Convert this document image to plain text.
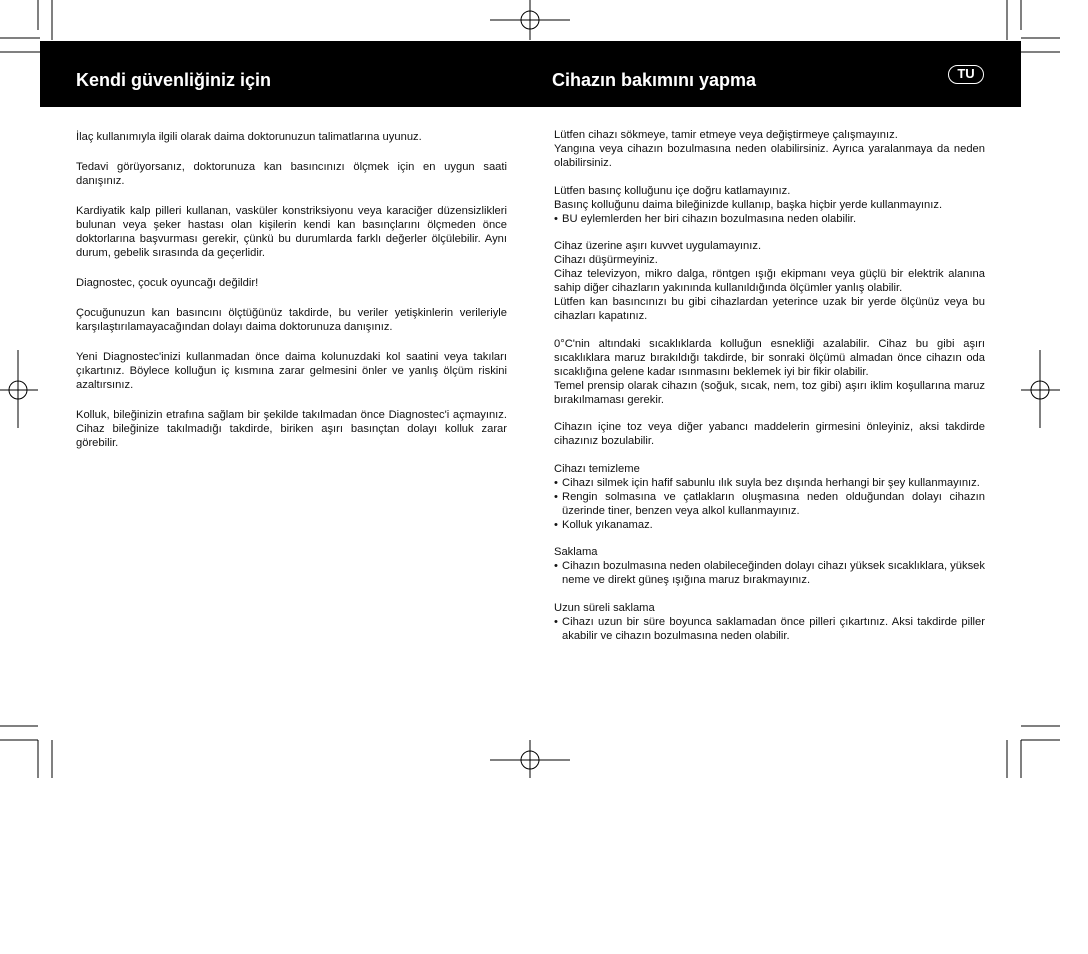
Kendi güvenliğiniz için	Cihazın bakımını yapma	TU

İlaç kullanımıyla ilgili olarak daima doktorunuzun talimatlarına uyunuz.

Tedavi görüyorsanız, doktorunuza kan basıncınızı ölçmek için en uygun saati danışınız.

Kardiyatik kalp pilleri kullanan, vasküler konstriksiyonu veya karaciğer düzensizlikleri bulunan veya şeker hastası olan kişilerin kendi kan basınçlarını ölçmeden önce doktorlarına başvurması gerekir, çünkü bu durumlarda farklı değerler ölçülebilir. Aynı durum, gebelik sırasında da geçerlidir.

Diagnostec, çocuk oyuncağı değildir!

Çocuğunuzun kan basıncını ölçtüğünüz takdirde, bu veriler yetişkinlerin verileriyle karşılaştırılamayacağından dolayı daima doktorunuza danışınız.

Yeni Diagnostec'inizi kullanmadan önce daima kolunuzdaki kol saatini veya takıları çıkartınız. Böylece kolluğun iç kısmına zarar gelmesini önler ve yanlış ölçüm riskini azaltırsınız.

Kolluk, bileğinizin etrafına sağlam bir şekilde takılmadan önce Diagnostec'i açmayınız. Cihaz bileğinize takılmadığı takdirde, biriken aşırı basınçtan dolayı kolluk zarar görebilir.

Lütfen cihazı sökmeye, tamir etmeye veya değiştirmeye çalışmayınız.
Yangına veya cihazın bozulmasına neden olabilirsiniz. Ayrıca yaralanmaya da neden olabilirsiniz.
Lütfen basınç kolluğunu içe doğru katlamayınız.
Basınç kolluğunu daima bileğinizde kullanıp, başka hiçbir yerde kullanmayınız.
• BU eylemlerden her biri cihazın bozulmasına neden olabilir.
Cihaz üzerine aşırı kuvvet uygulamayınız.
Cihazı düşürmeyiniz.
Cihaz televizyon, mikro dalga, röntgen ışığı ekipmanı veya güçlü bir elektrik alanına sahip diğer cihazların yakınında kullanıldığında ölçümler yanlış olabilir.
Lütfen kan basıncınızı bu gibi cihazlardan yeterince uzak bir yerde ölçünüz veya bu cihazları kapatınız.
0°C'nin altındaki sıcaklıklarda kolluğun esnekliği azalabilir. Cihaz bu gibi aşırı sıcaklıklara maruz bırakıldığı takdirde, bir sonraki ölçümü almadan önce cihazın oda sıcaklığına gelene kadar ısınmasını beklemek iyi bir fikir olabilir.
Temel prensip olarak cihazın (soğuk, sıcak, nem, toz gibi) aşırı iklim koşullarına maruz bırakılmaması gerekir.
Cihazın içine toz veya diğer yabancı maddelerin girmesini önleyiniz, aksi takdirde cihazınız bozulabilir.
Cihazı temizleme
• Cihazı silmek için hafif sabunlu ılık suyla bez dışında herhangi bir şey kullanmayınız.
• Rengin solmasına ve çatlakların oluşmasına neden olduğundan dolayı cihazın üzerinde tiner, benzen veya alkol kullanmayınız.
• Kolluk yıkanamaz.
Saklama
• Cihazın bozulmasına neden olabileceğinden dolayı cihazı yüksek sıcaklıklara, yüksek neme ve direkt güneş ışığına maruz bırakmayınız.
Uzun süreli saklama
• Cihazı uzun bir süre boyunca saklamadan önce pilleri çıkartınız. Aksi takdirde piller akabilir ve cihazın bozulmasına neden olabilir.
